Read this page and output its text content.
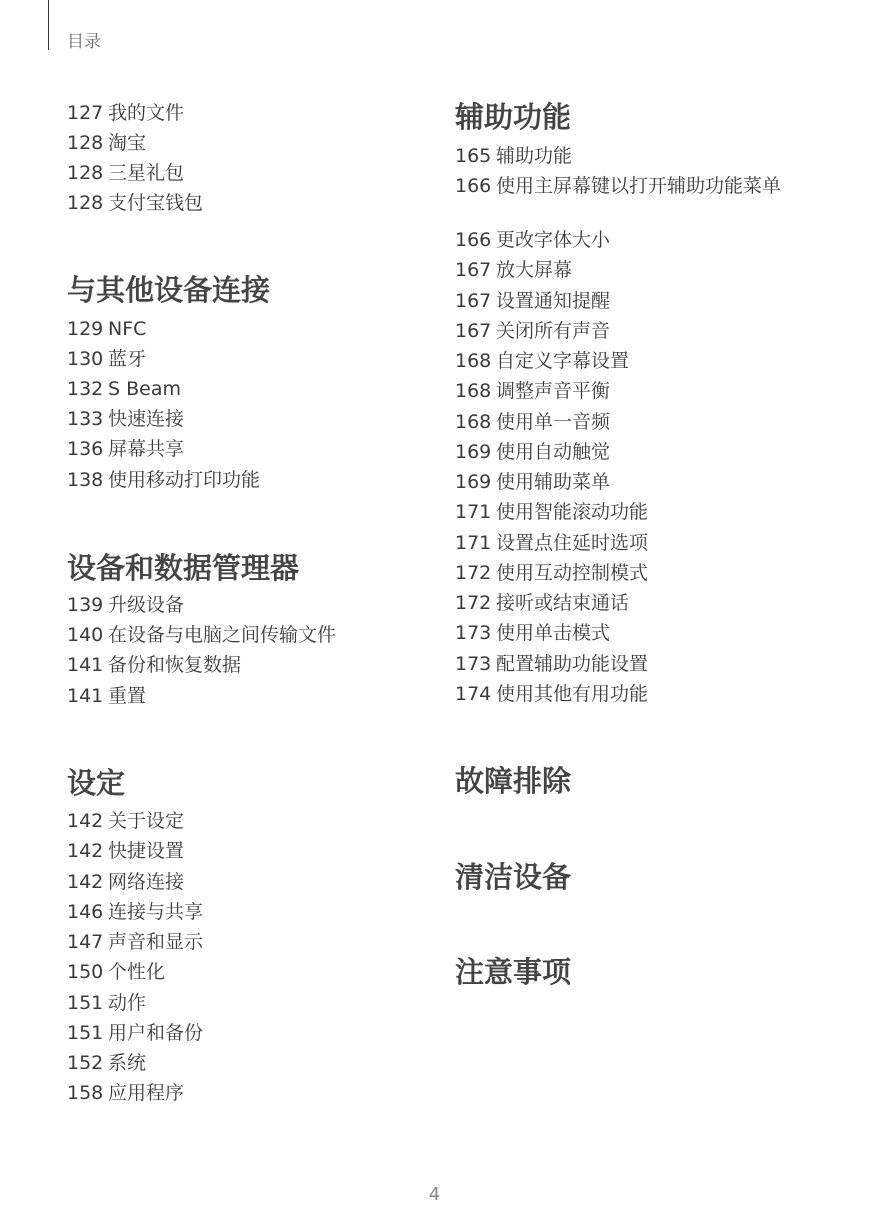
目录
127 我的文件
128 淘宝
128 三星礼包
128 支付宝钱包
与其他设备连接
129 NFC
130 蓝牙
132 S Beam
133 快速连接
136 屏幕共享
138 使用移动打印功能
设备和数据管理器
139 升级设备
140 在设备与电脑之间传输文件
141 备份和恢复数据
141 重置
设定
142 关于设定
142 快捷设置
142 网络连接
146 连接与共享
147 声音和显示
150 个性化
151 动作
151 用户和备份
152 系统
158 应用程序
辅助功能
165 辅助功能
166 使用主屏幕键以打开辅助功能菜单
166 更改字体大小
167 放大屏幕
167 设置通知提醒
167 关闭所有声音
168 自定义字幕设置
168 调整声音平衡
168 使用单一音频
169 使用自动触觉
169 使用辅助菜单
171 使用智能滚动功能
171 设置点住延时选项
172 使用互动控制模式
172 接听或结束通话
173 使用单击模式
173 配置辅助功能设置
174 使用其他有用功能
故障排除
清洁设备
注意事项
4
